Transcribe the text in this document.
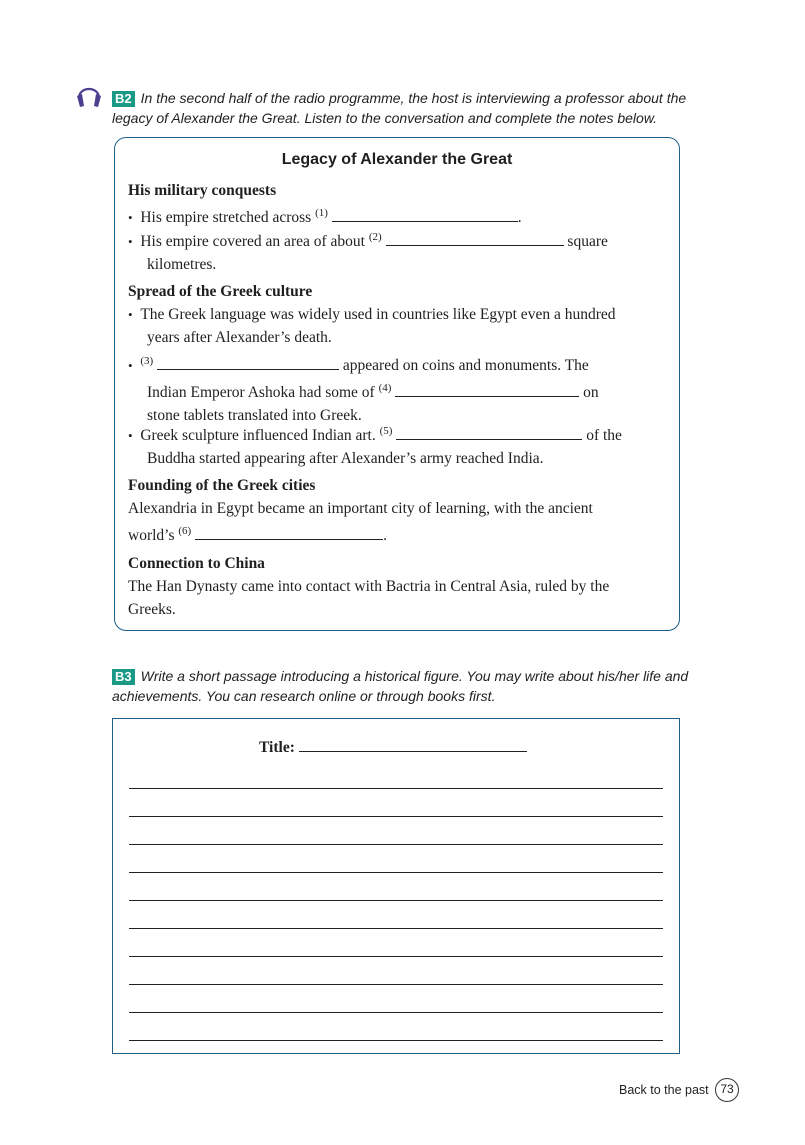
B2 In the second half of the radio programme, the host is interviewing a professor about the
legacy of Alexander the Great. Listen to the conversation and complete the notes below.
Legacy of Alexander the Great
His military conquests
• His empire stretched across $^{(1)}$	.
• His empire covered an area of about $^{(2)}$	square
kilometres.
Spread of the Greek culture
• The Greek language was widely used in countries like Egypt even a hundred
years after Alexander’s death.
• $^{(3)}$	appeared on coins and monuments. The
Indian Emperor Ashoka had some of $^{(4)}$	on
stone tablets translated into Greek.
• Greek sculpture influenced Indian art. $^{(5)}$	of the
Buddha started appearing after Alexander’s army reached India.
Founding of the Greek cities
Alexandria in Egypt became an important city of learning, with the ancient
world’s $^{(6)}$	.
Connection to China
The Han Dynasty came into contact with Bactria in Central Asia, ruled by the
Greeks.
B3 Write a short passage introducing a historical figure. You may write about his/her life and
achievements. You can research online or through books first.
Title:
Back to the past 73
